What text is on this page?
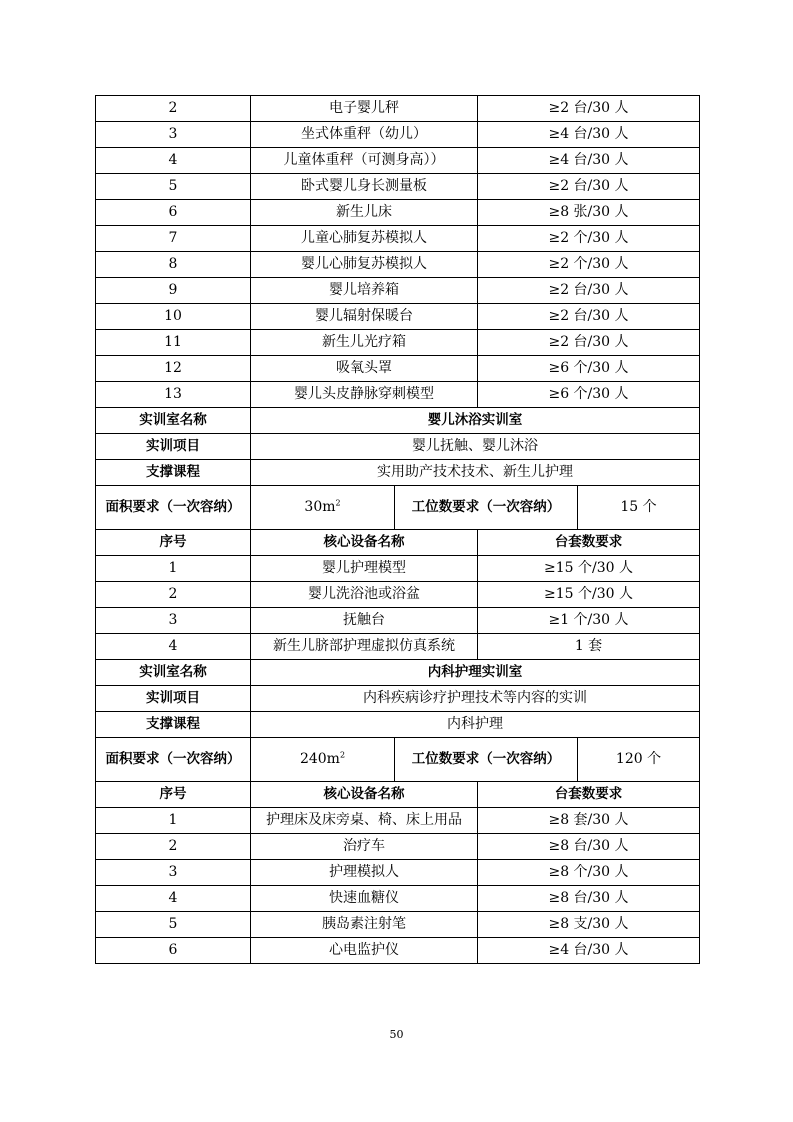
2	电子婴儿秤		≥2 台/30 人	
3	坐式体重秤（幼儿）		≥4 台/30 人	
4	儿童体重秤（可测身高））		≥4 台/30 人	
5	卧式婴儿身长测量板		≥2 台/30 人	
6	新生儿床		≥8 张/30 人	
7	儿童心肺复苏模拟人		≥2 个/30 人	
8	婴儿心肺复苏模拟人		≥2 个/30 人	
9	婴儿培养箱		≥2 台/30 人	
10	婴儿辐射保暖台		≥2 台/30 人	
11	新生儿光疗箱		≥2 台/30 人	
12	吸氧头罩		≥6 个/30 人	
13	婴儿头皮静脉穿刺模型		≥6 个/30 人	
实训室名称	婴儿沐浴实训室			
实训项目	婴儿抚触、婴儿沐浴			
支撑课程	实用助产技术技术、新生儿护理			
面积要求（一次容纳）	$30m^2$	工位数要求（一次容纳）		15 个
序号	核心设备名称		台套数要求	
1	婴儿护理模型		≥15 个/30 人	
2	婴儿洗浴池或浴盆		≥15 个/30 人	
3	抚触台		≥1 个/30 人	
4	新生儿脐部护理虚拟仿真系统		1 套	
实训室名称	内科护理实训室			
实训项目	内科疾病诊疗护理技术等内容的实训			
支撑课程	内科护理			
面积要求（一次容纳）	$240m^2$	工位数要求（一次容纳）		120 个
序号	核心设备名称		台套数要求	
1	护理床及床旁桌、椅、床上用品		≥8 套/30 人	
2	治疗车		≥8 台/30 人	
3	护理模拟人		≥8 个/30 人	
4	快速血糖仪		≥8 台/30 人	
5	胰岛素注射笔		≥8 支/30 人	
6	心电监护仪		≥4 台/30 人	
50
